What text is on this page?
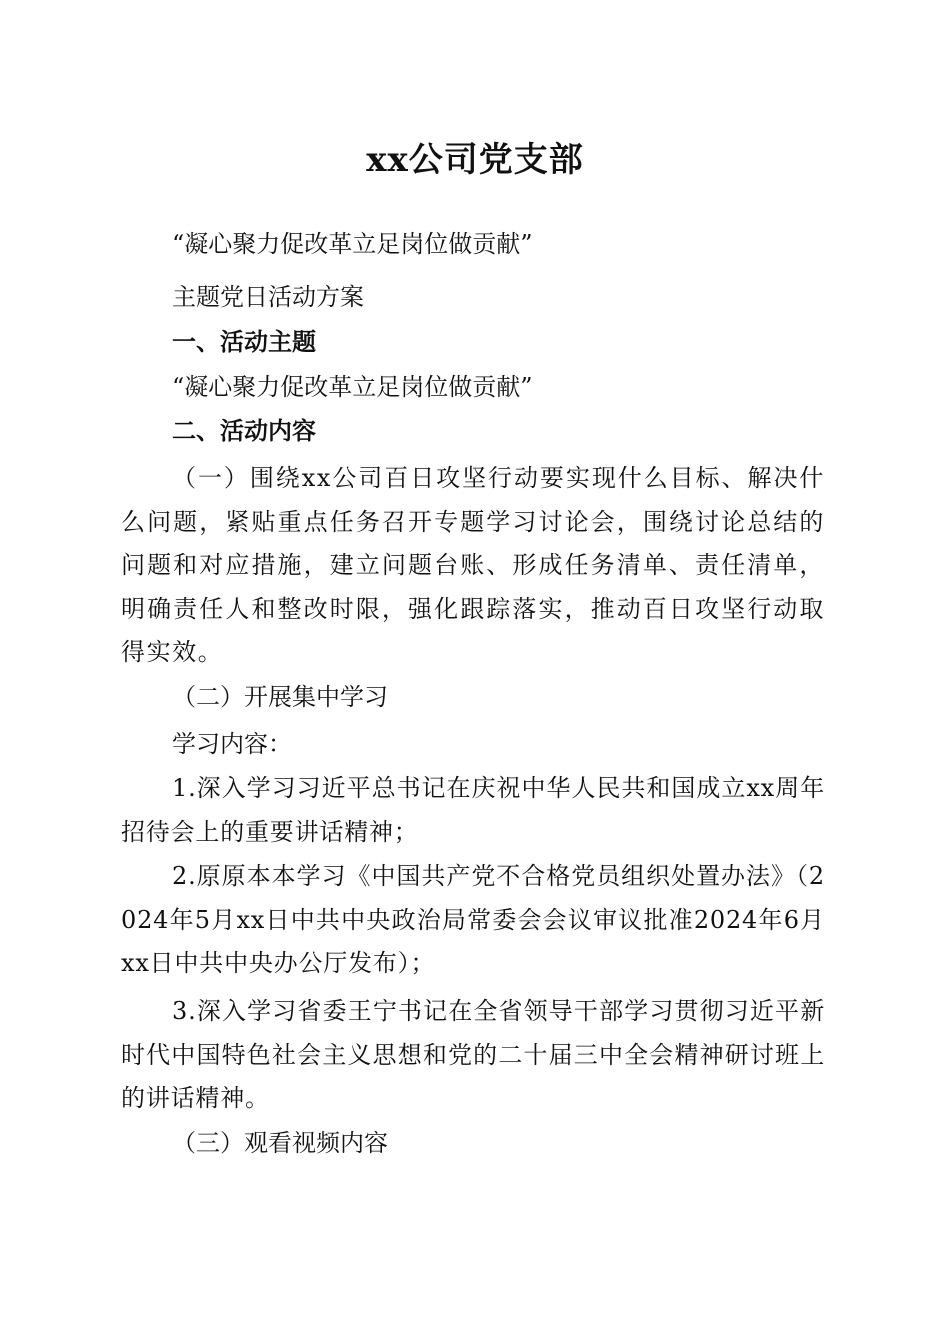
xx公司党支部
“凝心聚力促改革立足岗位做贡献”
主题党日活动方案
一、活动主题
“凝心聚力促改革立足岗位做贡献”
二、活动内容
（一）围绕xx公司百日攻坚行动要实现什么目标、解决什么问题，紧贴重点任务召开专题学习讨论会，围绕讨论总结的问题和对应措施，建立问题台账、形成任务清单、责任清单，明确责任人和整改时限，强化跟踪落实，推动百日攻坚行动取得实效。
（二）开展集中学习
学习内容：
1.深入学习习近平总书记在庆祝中华人民共和国成立xx周年招待会上的重要讲话精神；
2.原原本本学习《中国共产党不合格党员组织处置办法》（2024年5月xx日中共中央政治局常委会会议审议批准2024年6月xx日中共中央办公厅发布）；
3.深入学习省委王宁书记在全省领导干部学习贯彻习近平新时代中国特色社会主义思想和党的二十届三中全会精神研讨班上的讲话精神。
（三）观看视频内容
